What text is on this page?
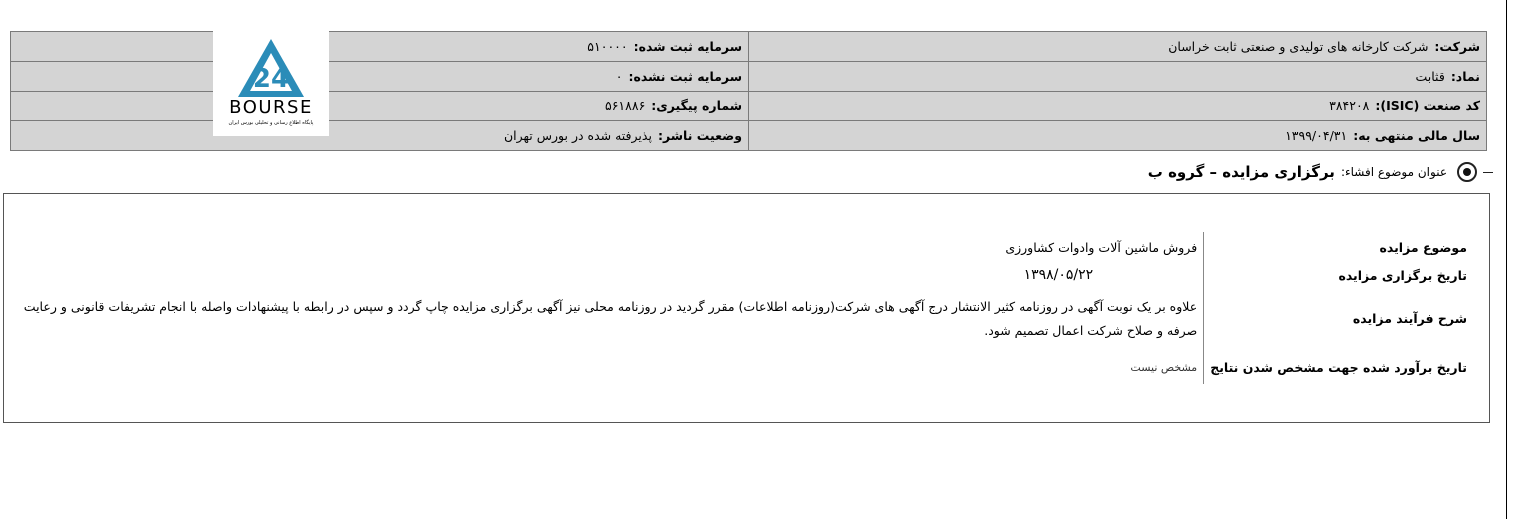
شرکت:شرکت کارخانه های تولیدی و صنعتی ثابت خراسان	سرمایه ثبت شده:۵۱۰۰۰۰
نماد:قثابت	سرمایه ثبت نشده:۰
کد صنعت (ISIC):۳۸۴۲۰۸	شماره پیگیری:۵۶۱۸۸۶
سال مالی منتهی به:۱۳۹۹/۰۴/۳۱	وضعیت ناشر:پذیرفته شده در بورس تهران
24
BOURSE
پایگاه اطلاع رسانی و تحلیلی بورس ایران
عنوان موضوع افشاء:
برگزاری مزایده – گروه ب
موضوع مزایده	فروش ماشین آلات وادوات کشاورزی
تاریخ برگزاری مزایده	۱۳۹۸/۰۵/۲۲
شرح فرآیند مزایده	علاوه بر یک نوبت آگهی در روزنامه کثیر الانتشار درج آگهی های شرکت(روزنامه اطلاعات) مقرر گردید در روزنامه محلی نیز آگهی برگزاری مزایده چاپ گردد و سپس در رابطه با پیشنهادات واصله با انجام تشریفات قانونی و رعایت صرفه و صلاح شرکت اعمال تصمیم شود.
تاریخ برآورد شده جهت مشخص شدن نتایج	مشخص نیست
